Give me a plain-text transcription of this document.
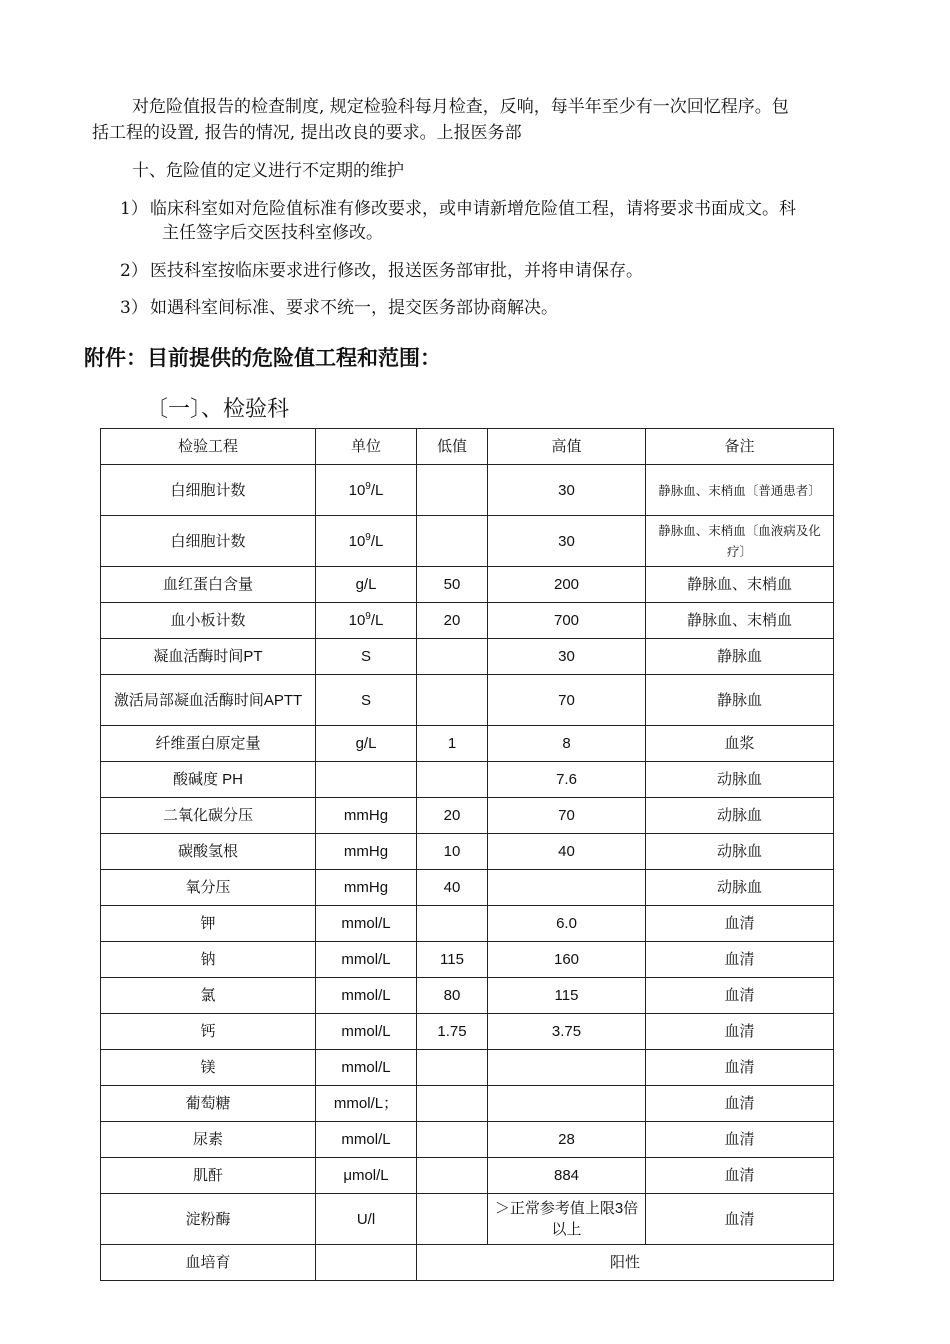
对危险值报告的检查制度, 规定检验科每月检查，反响，每半年至少有一次回忆程序。包

括工程的设置, 报告的情况, 提出改良的要求。上报医务部

十、危险值的定义进行不定期的维护

1） 临床科室如对危险值标准有修改要求，或申请新增危险值工程，请将要求书面成文。科

主任签字后交医技科室修改。

2） 医技科室按临床要求进行修改，报送医务部审批，并将申请保存。

3） 如遇科室间标准、要求不统一，提交医务部协商解决。

附件：目前提供的危险值工程和范围：
〔一〕、检验科
检验工程	单位	低值	高值	备注
白细胞计数	$10^9/L$		30	静脉血、末梢血〔普通患者〕
白细胞计数	$10^9/L$		30	静脉血、末梢血〔血液病及化疗〕
血红蛋白含量	g/L	50	200	静脉血、末梢血
血小板计数	$10^9/L$	20	700	静脉血、末梢血
凝血活酶时间PT	S		30	静脉血
激活局部凝血活酶时间APTT	S		70	静脉血
纤维蛋白原定量	g/L	1	8	血浆
酸碱度 PH			7.6	动脉血
二氧化碳分压	mmHg	20	70	动脉血
碳酸氢根	mmHg	10	40	动脉血
氧分压	mmHg	40		动脉血
钾	mmol/L		6.0	血清
钠	mmol/L	115	160	血清
氯	mmol/L	80	115	血清
钙	mmol/L	1.75	3.75	血清
镁	mmol/L			血清
葡萄糖	mmol/L；			血清
尿素	mmol/L		28	血清
肌酐	μmol/L		884	血清
淀粉酶	U/l		＞正常参考值上限3倍以上	血清
血培育		阳性		
